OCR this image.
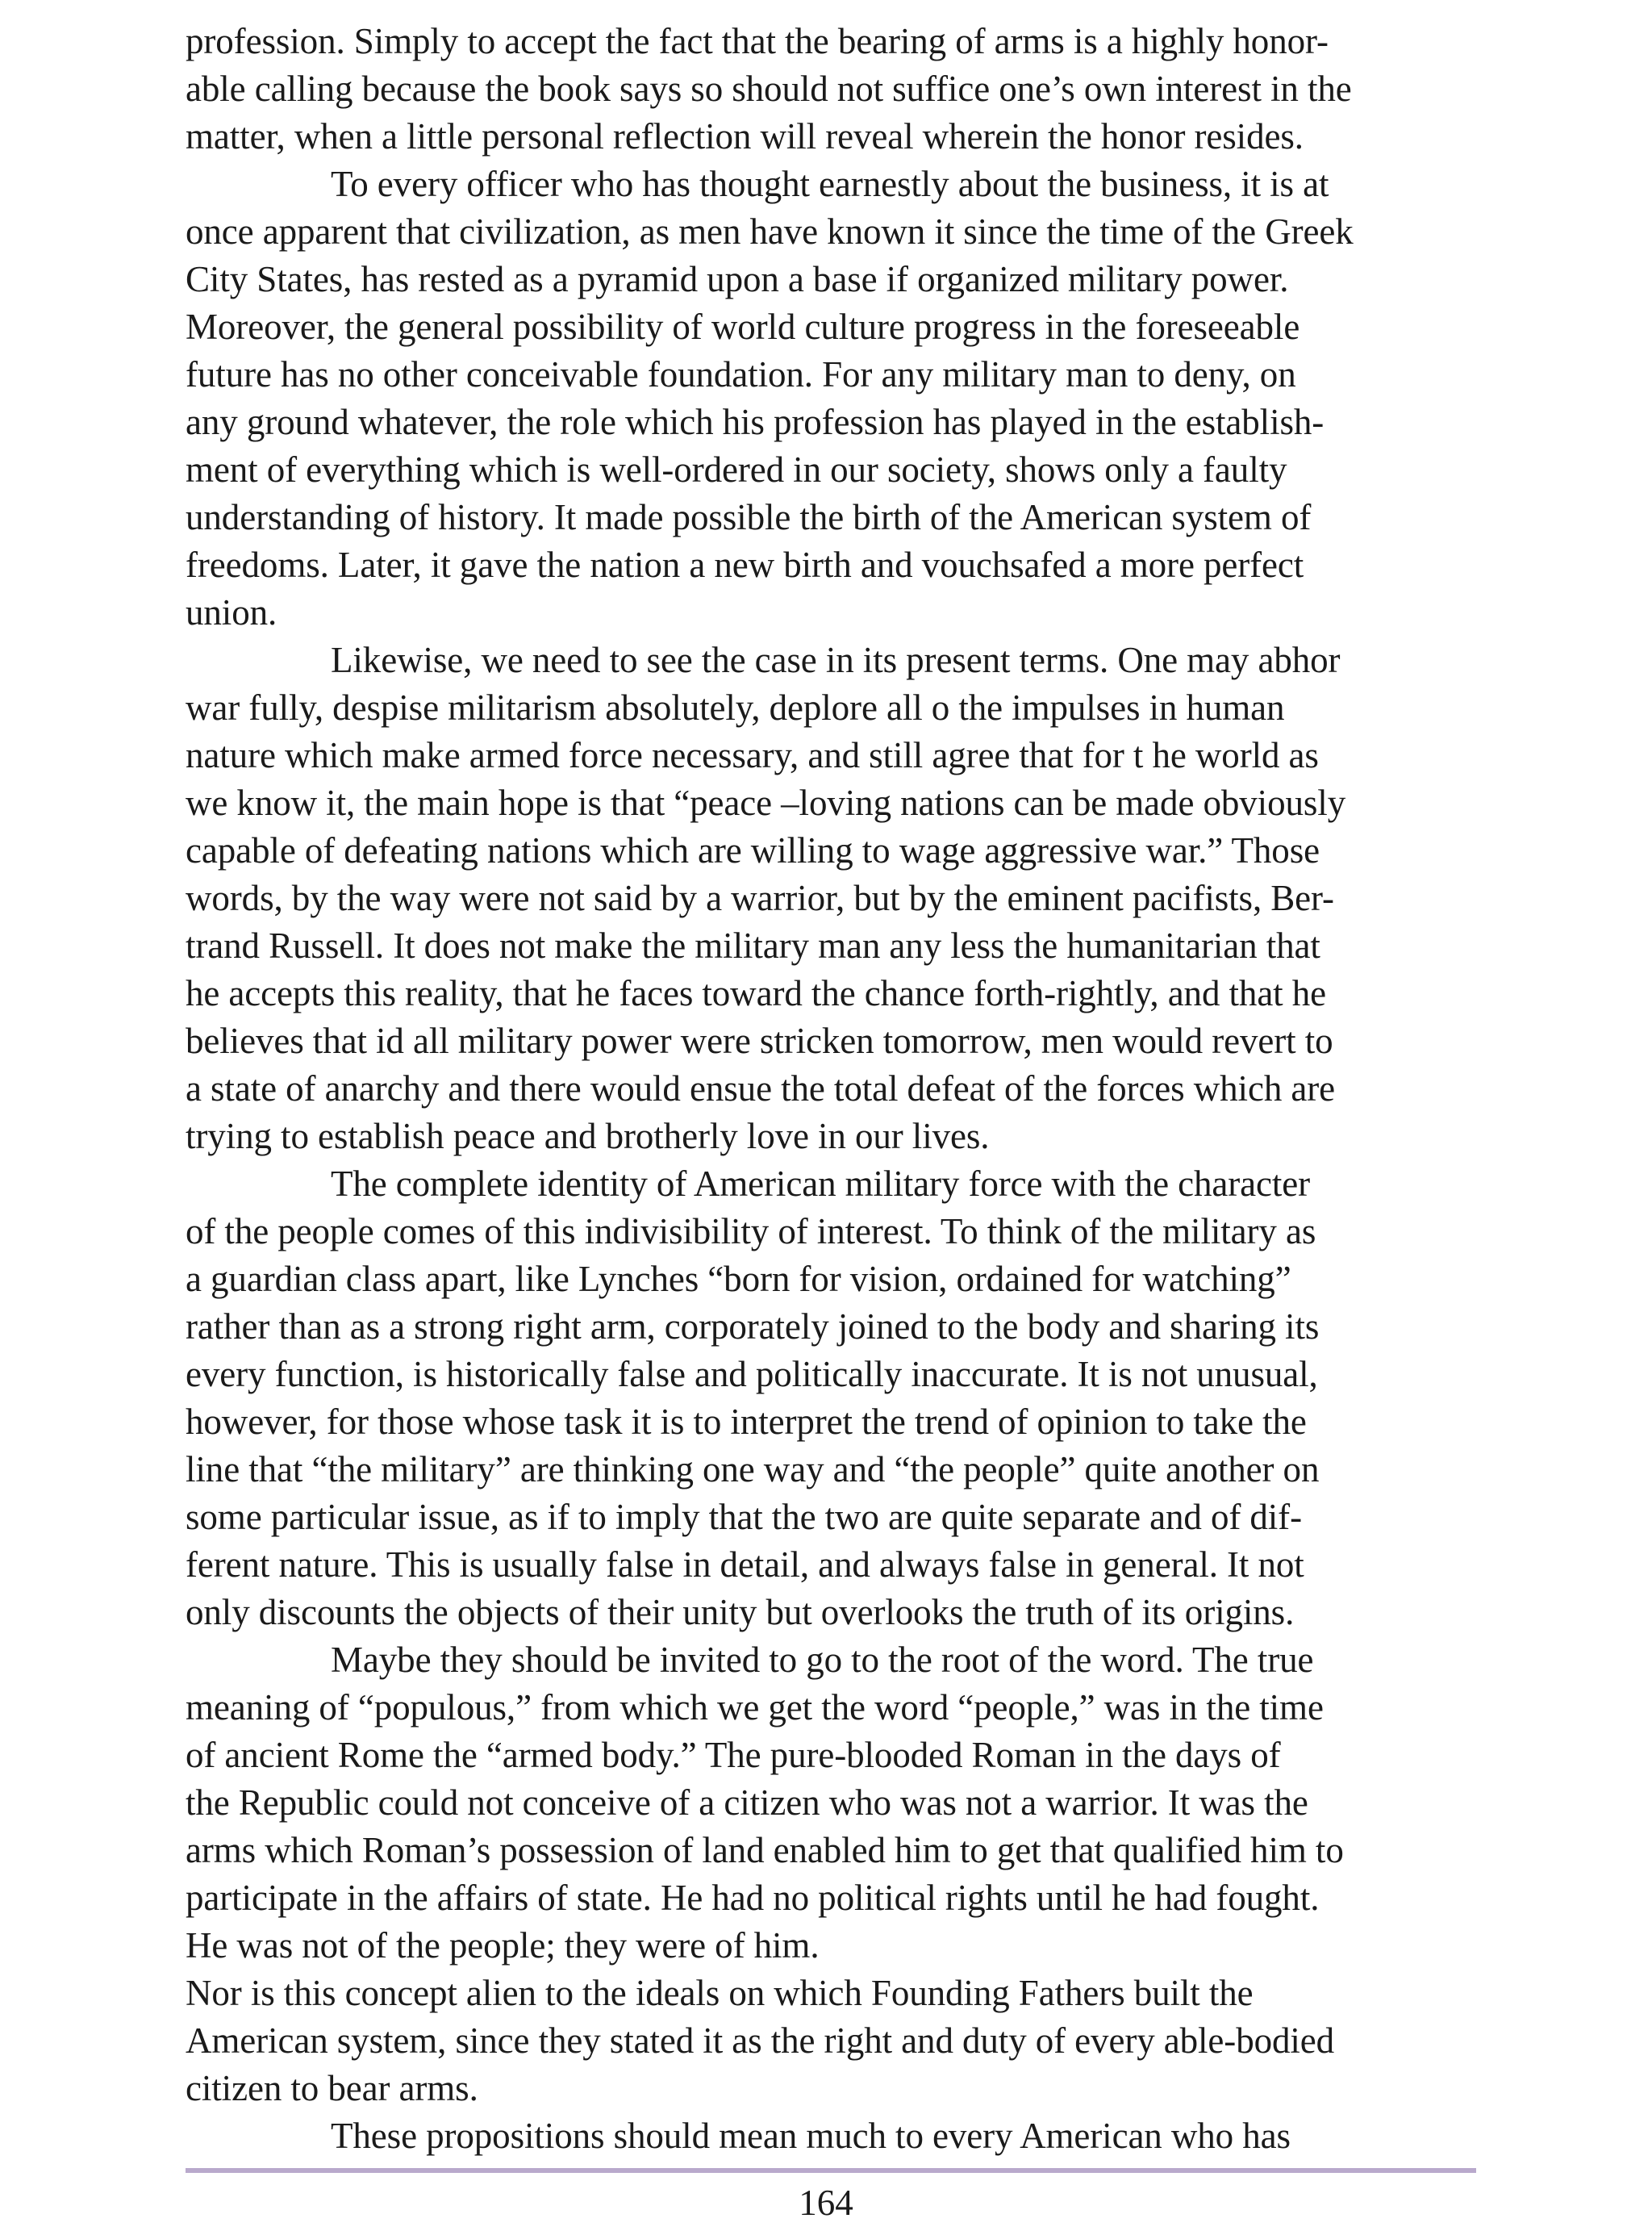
profession. Simply to accept the fact that the bearing of arms is a highly honor-
able calling because the book says so should not suffice one’s own interest in the
matter, when a little personal reflection will reveal wherein the honor resides.
To every officer who has thought earnestly about the business, it is at
once apparent that civilization, as men have known it since the time of the Greek
City States, has rested as a pyramid upon a base if organized military power.
Moreover, the general possibility of world culture progress in the foreseeable
future has no other conceivable foundation. For any military man to deny, on
any ground whatever, the role which his profession has played in the establish-
ment of everything which is well-ordered in our society, shows only a faulty
understanding of history. It made possible the birth of the American system of
freedoms. Later, it gave the nation a new birth and vouchsafed a more perfect
union.
Likewise, we need to see the case in its present terms. One may abhor
war fully, despise militarism absolutely, deplore all o the impulses in human
nature which make armed force necessary, and still agree that for t he world as
we know it, the main hope is that “peace –loving nations can be made obviously
capable of defeating nations which are willing to wage aggressive war.” Those
words, by the way were not said by a warrior, but by the eminent pacifists, Ber-
trand Russell. It does not make the military man any less the humanitarian that
he accepts this reality, that he faces toward the chance forth-rightly, and that he
believes that id all military power were stricken tomorrow, men would revert to
a state of anarchy and there would ensue the total defeat of the forces which are
trying to establish peace and brotherly love in our lives.
The complete identity of American military force with the character
of the people comes of this indivisibility of interest. To think of the military as
a guardian class apart, like Lynches “born for vision, ordained for watching”
rather than as a strong right arm, corporately joined to the body and sharing its
every function, is historically false and politically inaccurate. It is not unusual,
however, for those whose task it is to interpret the trend of opinion to take the
line that “the military” are thinking one way and “the people” quite another on
some particular issue, as if to imply that the two are quite separate and of dif-
ferent nature. This is usually false in detail, and always false in general. It not
only discounts the objects of their unity but overlooks the truth of its origins.
Maybe they should be invited to go to the root of the word. The true
meaning of “populous,” from which we get the word “people,” was in the time
of ancient Rome the “armed body.” The pure-blooded Roman in the days of
the Republic could not conceive of a citizen who was not a warrior. It was the
arms which Roman’s possession of land enabled him to get that qualified him to
participate in the affairs of state. He had no political rights until he had fought.
He was not of the people; they were of him.
Nor is this concept alien to the ideals on which Founding Fathers built the
American system, since they stated it as the right and duty of every able-bodied
citizen to bear arms.
These propositions should mean much to every American who has
164
